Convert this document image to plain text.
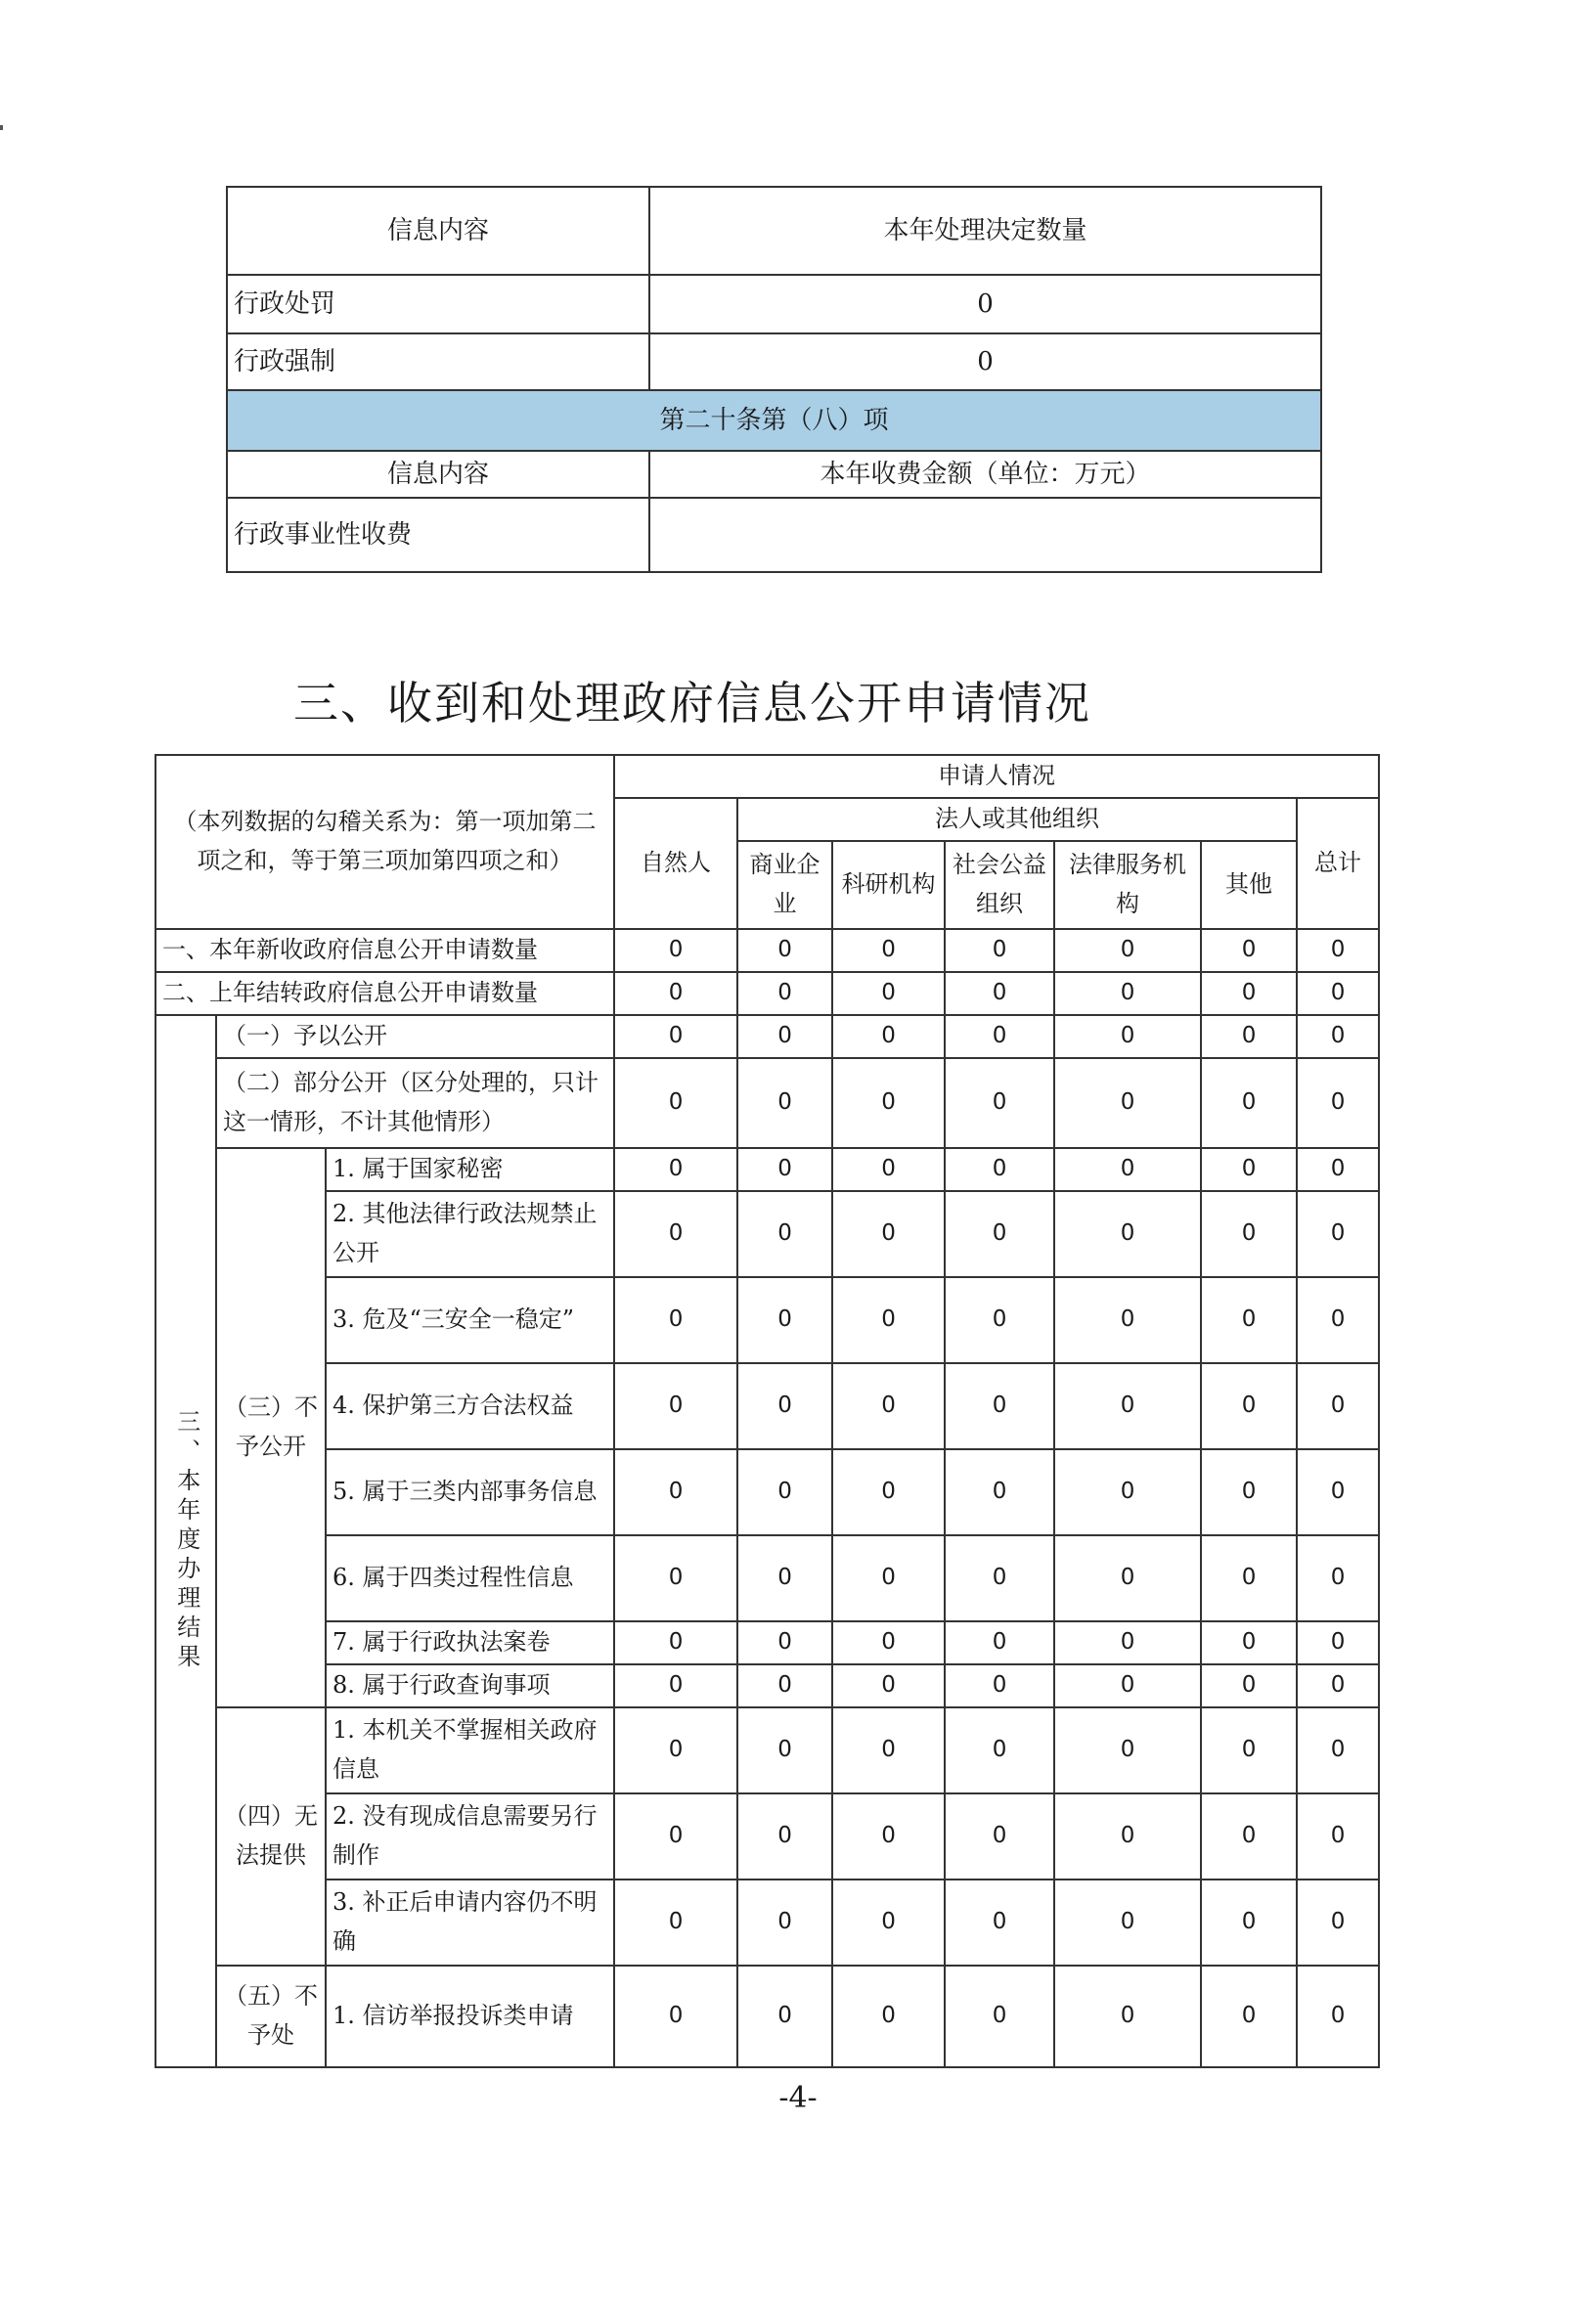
信息内容	本年处理决定数量
行政处罚	0
行政强制	0
第二十条第（八）项	
信息内容	本年收费金额（单位：万元）
行政事业性收费	
三、收到和处理政府信息公开申请情况
（本列数据的勾稽关系为：第一项加第二项之和，等于第三项加第四项之和）			申请人情况						
			自然人	法人或其他组织					总计
				商业企业	科研机构	社会公益组织	法律服务机构	其他	
一、本年新收政府信息公开申请数量			0	0	0	0	0	0	0
二、上年结转政府信息公开申请数量			0	0	0	0	0	0	0
三、本年度办理结果	（一）予以公开		0	0	0	0	0	0	0
	（二）部分公开（区分处理的，只计这一情形，不计其他情形）		0	0	0	0	0	0	0
	（三）不予公开	1. 属于国家秘密	0	0	0	0	0	0	0
		2. 其他法律行政法规禁止公开	0	0	0	0	0	0	0
		3. 危及“三安全一稳定”	0	0	0	0	0	0	0
		4. 保护第三方合法权益	0	0	0	0	0	0	0
		5. 属于三类内部事务信息	0	0	0	0	0	0	0
		6. 属于四类过程性信息	0	0	0	0	0	0	0
		7. 属于行政执法案卷	0	0	0	0	0	0	0
		8. 属于行政查询事项	0	0	0	0	0	0	0
	（四）无法提供	1. 本机关不掌握相关政府信息	0	0	0	0	0	0	0
		2. 没有现成信息需要另行制作	0	0	0	0	0	0	0
		3. 补正后申请内容仍不明确	0	0	0	0	0	0	0
	（五）不予处	1. 信访举报投诉类申请	0	0	0	0	0	0	0
-4-
